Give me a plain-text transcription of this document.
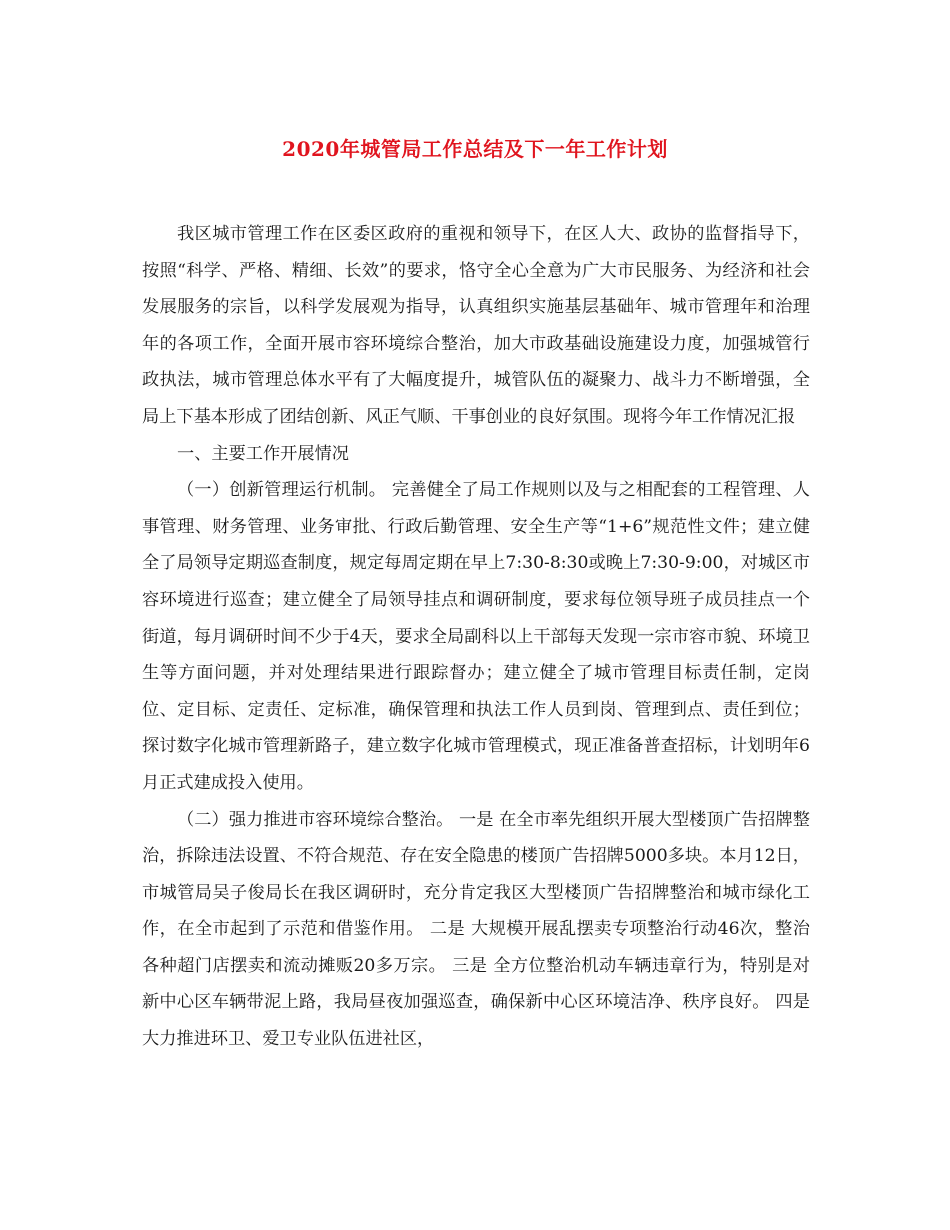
2020年城管局工作总结及下一年工作计划

我区城市管理工作在区委区政府的重视和领导下，在区人大、政协的监督指导下，按照“科学、严格、精细、长效”的要求，恪守全心全意为广大市民服务、为经济和社会发展服务的宗旨，以科学发展观为指导，认真组织实施基层基础年、城市管理年和治理年的各项工作，全面开展市容环境综合整治，加大市政基础设施建设力度，加强城管行政执法，城市管理总体水平有了大幅度提升，城管队伍的凝聚力、战斗力不断增强，全局上下基本形成了团结创新、风正气顺、干事创业的良好氛围。现将今年工作情况汇报

一、主要工作开展情况

（一）创新管理运行机制。 完善健全了局工作规则以及与之相配套的工程管理、人事管理、财务管理、业务审批、行政后勤管理、安全生产等“1+6”规范性文件；建立健全了局领导定期巡查制度，规定每周定期在早上7:30-8:30或晚上7:30-9:00，对城区市容环境进行巡查；建立健全了局领导挂点和调研制度，要求每位领导班子成员挂点一个街道，每月调研时间不少于4天，要求全局副科以上干部每天发现一宗市容市貌、环境卫生等方面问题，并对处理结果进行跟踪督办；建立健全了城市管理目标责任制，定岗位、定目标、定责任、定标准，确保管理和执法工作人员到岗、管理到点、责任到位；探讨数字化城市管理新路子，建立数字化城市管理模式，现正准备普查招标，计划明年6月正式建成投入使用。

（二）强力推进市容环境综合整治。 一是 在全市率先组织开展大型楼顶广告招牌整治，拆除违法设置、不符合规范、存在安全隐患的楼顶广告招牌5000多块。本月12日，市城管局吴子俊局长在我区调研时，充分肯定我区大型楼顶广告招牌整治和城市绿化工作，在全市起到了示范和借鉴作用。 二是 大规模开展乱摆卖专项整治行动46次，整治各种超门店摆卖和流动摊贩20多万宗。 三是 全方位整治机动车辆违章行为，特别是对新中心区车辆带泥上路，我局昼夜加强巡查，确保新中心区环境洁净、秩序良好。 四是 大力推进环卫、爱卫专业队伍进社区，
